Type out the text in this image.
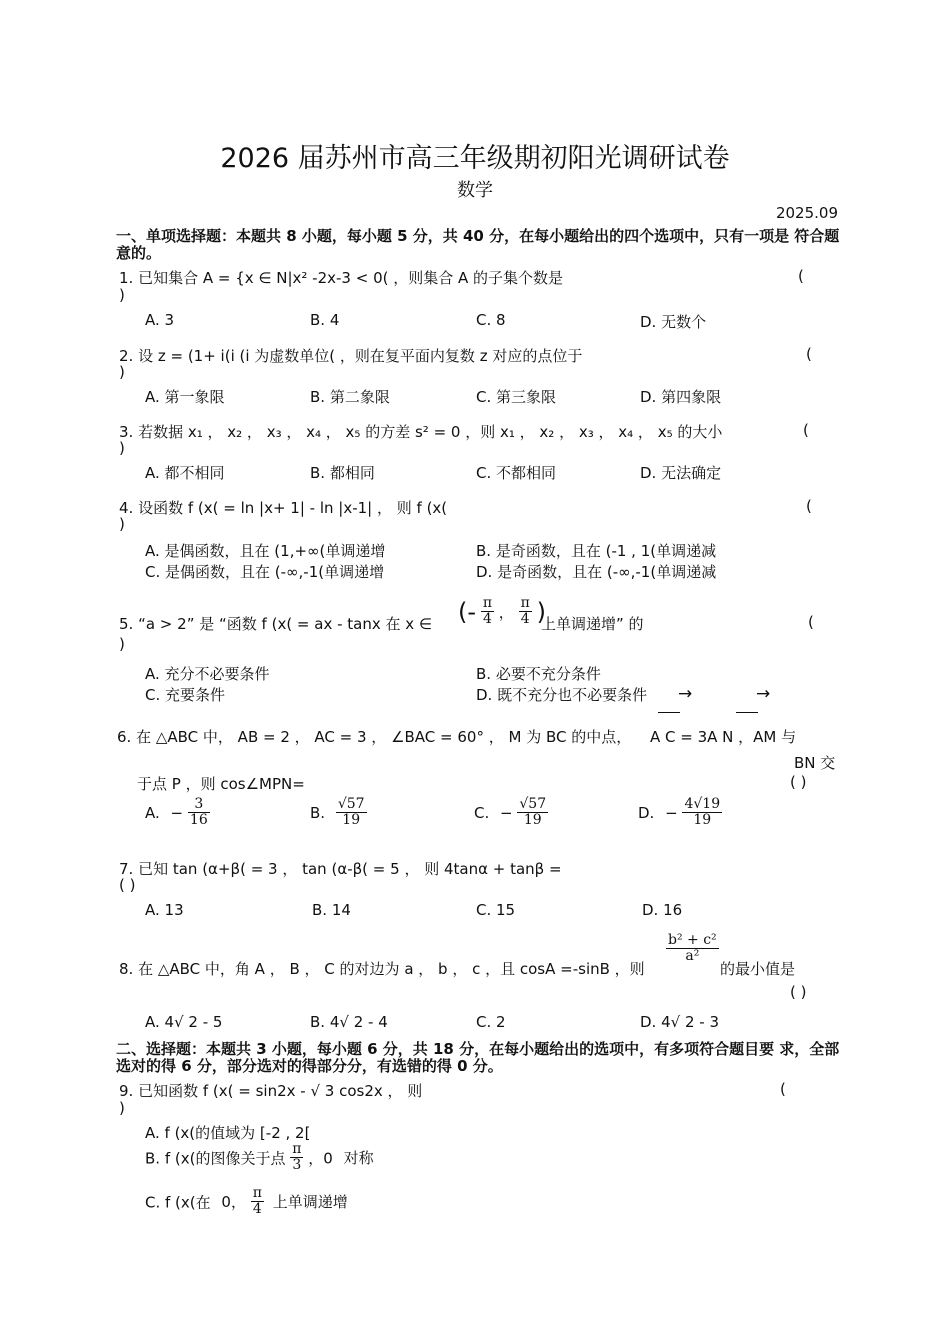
2026 届苏州市高三年级期初阳光调研试卷
数学
2025.09
一、单项选择题：本题共 8 小题，每小题 5 分，共 40 分，在每小题给出的四个选项中，只有一项是 符合题意的。
1. 已知集合 A = {x ∈ N|x² -2x-3 < 0( ，则集合 A 的子集个数是	(
)
A. 3	B. 4	C. 8	D. 无数个
2. 设 z = (1+ i(i (i 为虚数单位( ，则在复平面内复数 z 对应的点位于	(
)
A. 第一象限	B. 第二象限	C. 第三象限	D. 第四象限
3. 若数据 x₁ ， x₂ ， x₃ ， x₄ ， x₅ 的方差 s² = 0 ，则 x₁ ， x₂ ， x₃ ， x₄ ， x₅ 的大小	(
)
A. 都不相同	B. 都相同	C. 不都相同	D. 无法确定
4. 设函数 f (x( = ln |x+ 1| - ln |x-1| ， 则 f (x(	(
)
A. 是偶函数，且在 (1,+∞(单调递增	B. 是奇函数，且在 (-1 , 1(单调递减
C. 是偶函数，且在 (-∞,-1(单调递增	D. 是奇函数，且在 (-∞,-1(单调递减
5. “a > 2” 是 “函数 f (x( = ax - tanx 在 x ∈ (- $\frac{\pi}{4}$ ， $\frac{\pi}{4}$ )
上单调递增” 的	(
)
A. 充分不必要条件	B. 必要不充分条件
C. 充要条件	D. 既不充分也不必要条件 →	→
6. 在 △ABC 中， AB = 2 ， AC = 3 ， ∠BAC = 60° ， M 为 BC 的中点， A C = 3A N ，AM 与
BN 交
于点 P ，则 cos∠MPN=	( )
A. − $\frac{3}{16}$	B. $\frac{√57}{19}$	C. − $\frac{√57}{19}$	D. − $\frac{4√19}{19}$
7. 已知 tan (α+β( = 3 ， tan (α-β( = 5 ， 则 4tanα + tanβ =
( )
A. 13	B. 14	C. 15	D. 16
8. 在 △ABC 中，角 A ， B ， C 的对边为 a ， b ， c ，且 cosA =-sinB ，则
$\frac{\text{b² + c²}}{\text{a²}}$
的最小值是
( )
A. 4√ 2 - 5	B. 4√ 2 - 4	C. 2	D. 4√ 2 - 3
二、选择题：本题共 3 小题，每小题 6 分，共 18 分，在每小题给出的选项中，有多项符合题目要 求，全部选对的得 6 分，部分选对的得部分分，有选错的得 0 分。
9. 已知函数 f (x( = sin2x - √ 3 cos2x ， 则	(
)
A. f (x(的值域为 [-2 , 2[
B. f (x(的图像关于点 $\frac{\pi}{3}$ ，0 对称
C. f (x(在 0， $\frac{\pi}{4}$ 上单调递增
